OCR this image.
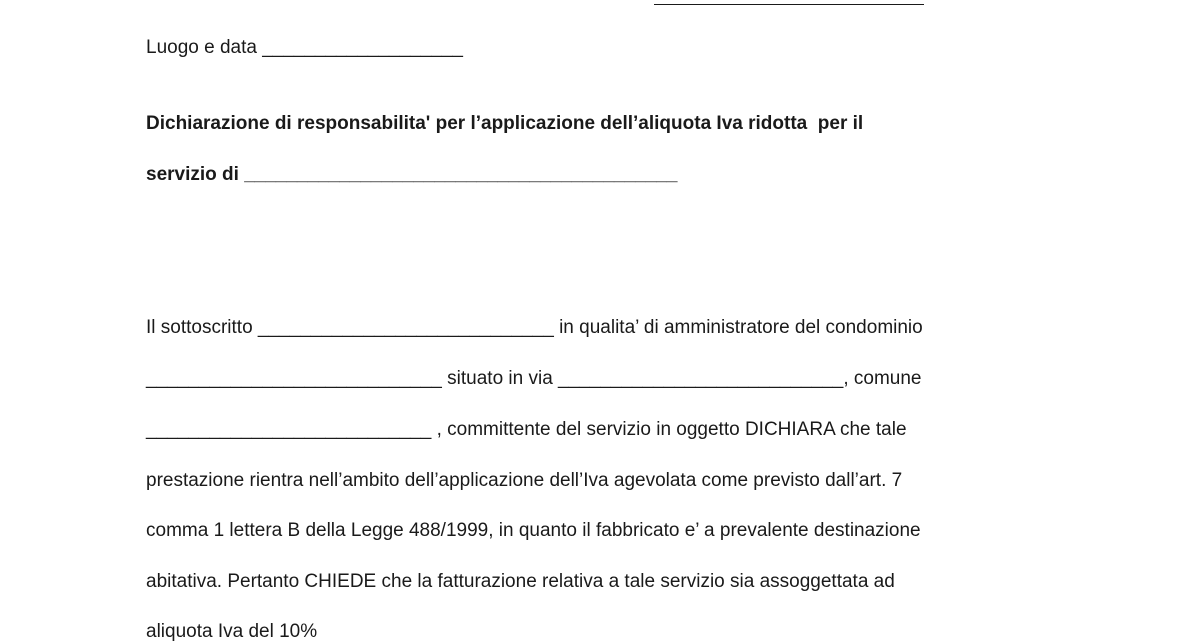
Luogo e data ___________________
Dichiarazione di responsabilita' per l’applicazione dell’aliquota Iva ridotta  per il
servizio di _________________________________________
Il sottoscritto ____________________________ in qualita’ di amministratore del condominio
____________________________ situato in via ___________________________, comune
___________________________ , committente del servizio in oggetto DICHIARA che tale
prestazione rientra nell’ambito dell’applicazione dell’Iva agevolata come previsto dall’art. 7
comma 1 lettera B della Legge 488/1999, in quanto il fabbricato e’ a prevalente destinazione
abitativa. Pertanto CHIEDE che la fatturazione relativa a tale servizio sia assoggettata ad
aliquota Iva del 10%
